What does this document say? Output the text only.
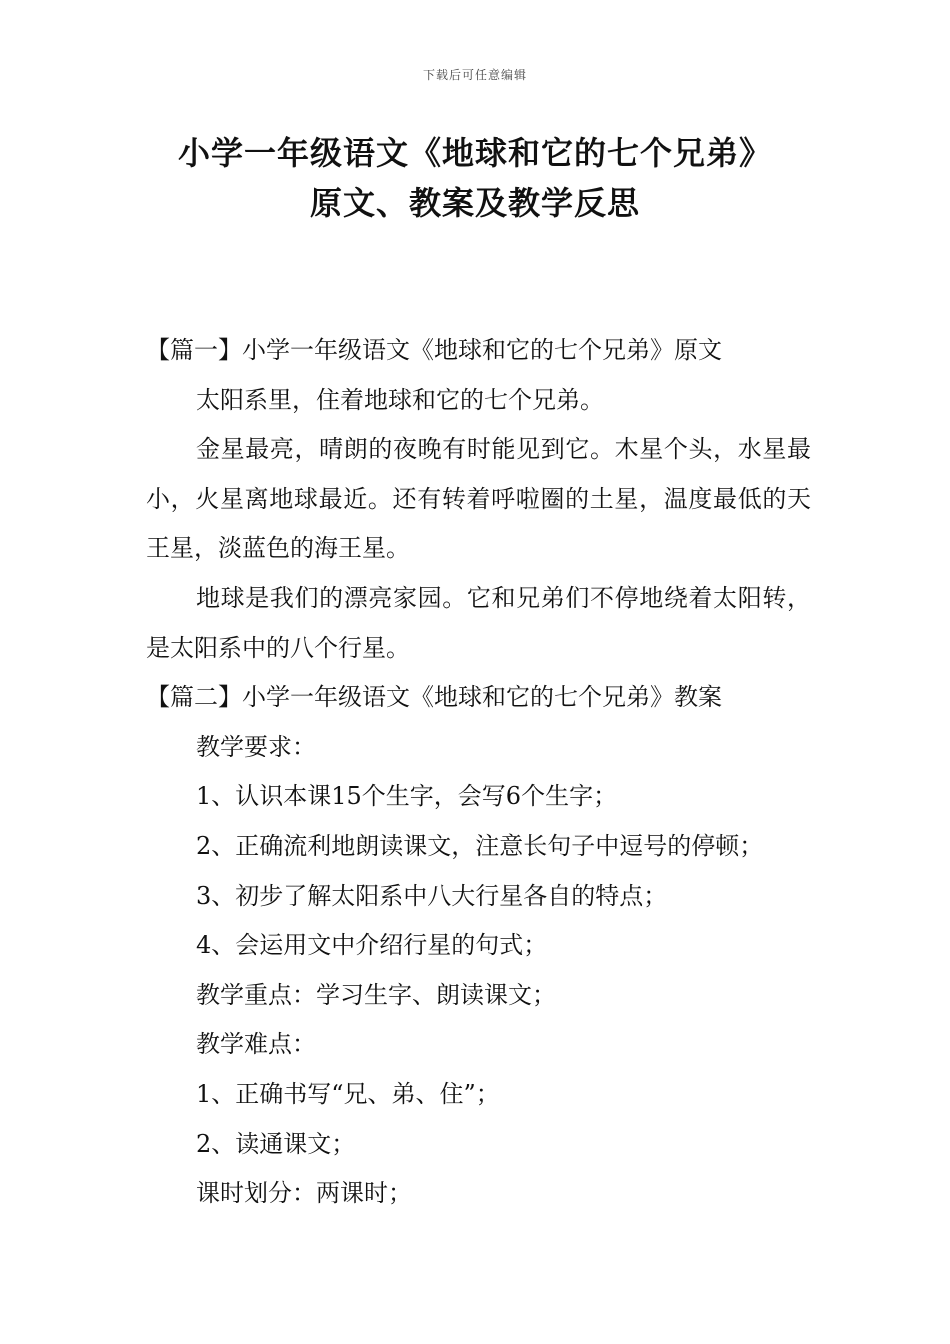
下载后可任意编辑
小学一年级语文《地球和它的七个兄弟》
原文、教案及教学反思

【篇一】小学一年级语文《地球和它的七个兄弟》原文

太阳系里，住着地球和它的七个兄弟。

金星最亮，晴朗的夜晚有时能见到它。木星个头，水星最小，火星离地球最近。还有转着呼啦圈的土星，温度最低的天王星，淡蓝色的海王星。

地球是我们的漂亮家园。它和兄弟们不停地绕着太阳转，是太阳系中的八个行星。

【篇二】小学一年级语文《地球和它的七个兄弟》教案

教学要求：

1、认识本课15个生字，会写6个生字；

2、正确流利地朗读课文，注意长句子中逗号的停顿；

3、初步了解太阳系中八大行星各自的特点；

4、会运用文中介绍行星的句式；

教学重点：学习生字、朗读课文；

教学难点：

1、正确书写“兄、弟、住”；

2、读通课文；

课时划分：两课时；
